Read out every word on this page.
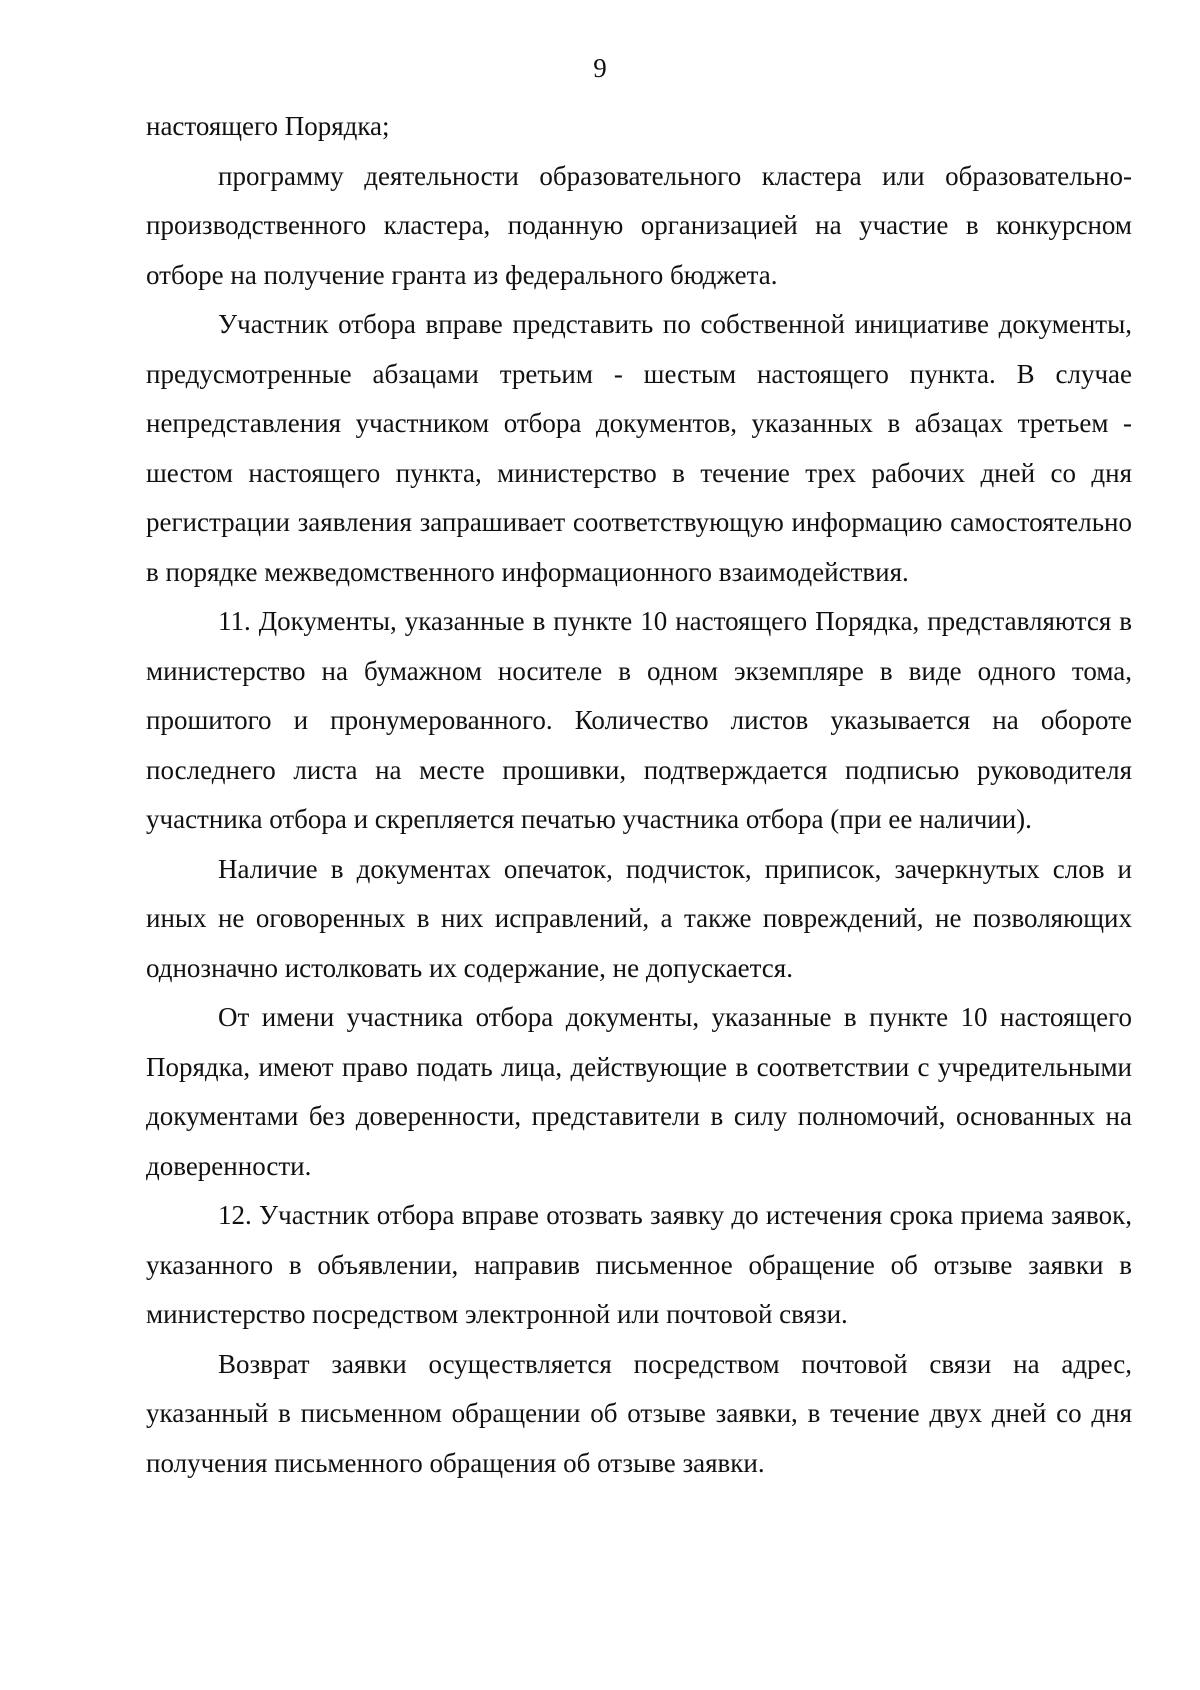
9

настоящего Порядка;

программу деятельности образовательного кластера или образовательно-производственного кластера, поданную организацией на участие в конкурсном отборе на получение гранта из федерального бюджета.

Участник отбора вправе представить по собственной инициативе документы, предусмотренные абзацами третьим - шестым настоящего пункта. В случае непредставления участником отбора документов, указанных в абзацах третьем - шестом настоящего пункта, министерство в течение трех рабочих дней со дня регистрации заявления запрашивает соответствующую информацию самостоятельно в порядке межведомственного информационного взаимодействия.

11. Документы, указанные в пункте 10 настоящего Порядка, представляются в министерство на бумажном носителе в одном экземпляре в виде одного тома, прошитого и пронумерованного. Количество листов указывается на обороте последнего листа на месте прошивки, подтверждается подписью руководителя участника отбора и скрепляется печатью участника отбора (при ее наличии).

Наличие в документах опечаток, подчисток, приписок, зачеркнутых слов и иных не оговоренных в них исправлений, а также повреждений, не позволяющих однозначно истолковать их содержание, не допускается.

От имени участника отбора документы, указанные в пункте 10 настоящего Порядка, имеют право подать лица, действующие в соответствии с учредительными документами без доверенности, представители в силу полномочий, основанных на доверенности.

12. Участник отбора вправе отозвать заявку до истечения срока приема заявок, указанного в объявлении, направив письменное обращение об отзыве заявки в министерство посредством электронной или почтовой связи.

Возврат заявки осуществляется посредством почтовой связи на адрес, указанный в письменном обращении об отзыве заявки, в течение двух дней со дня получения письменного обращения об отзыве заявки.
